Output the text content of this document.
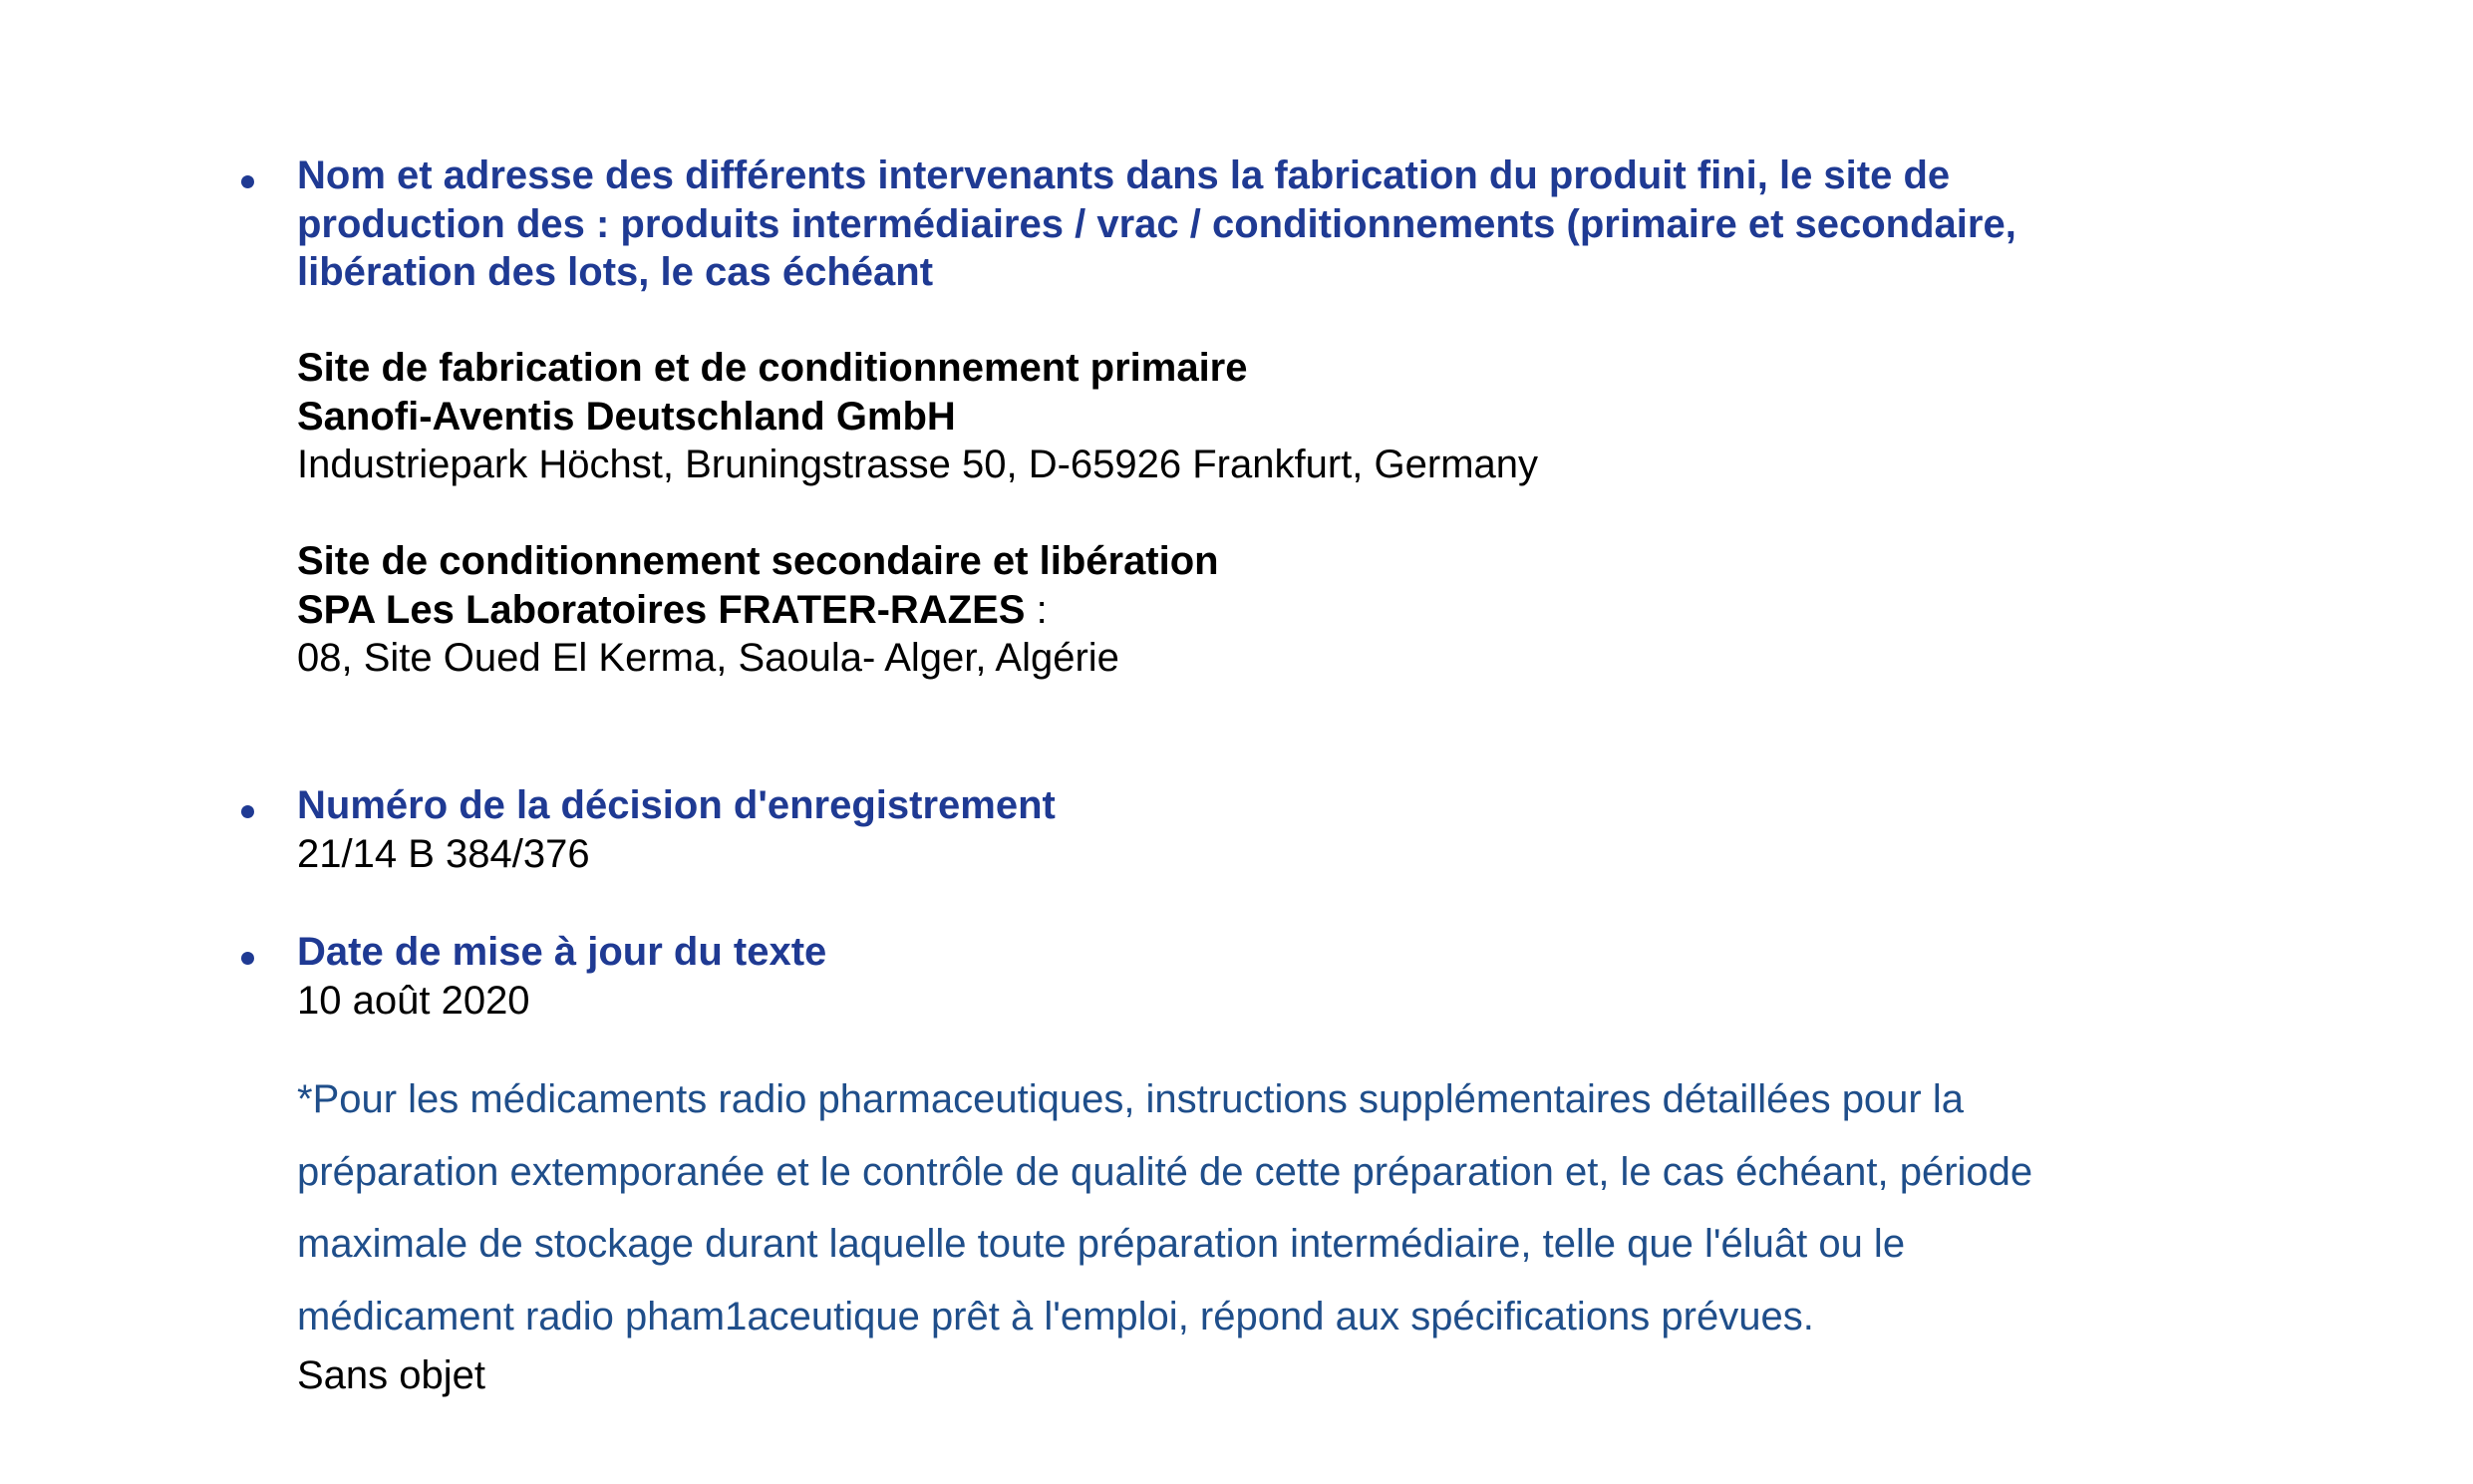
Nom et adresse des différents intervenants dans la fabrication du produit fini, le site de

production des : produits intermédiaires / vrac / conditionnements (primaire et secondaire,

libération des lots, le cas échéant

Site de fabrication et de conditionnement primaire

Sanofi-Aventis Deutschland GmbH

Industriepark Höchst, Bruningstrasse 50, D-65926 Frankfurt, Germany

Site de conditionnement secondaire et libération

SPA Les Laboratoires FRATER-RAZES :

08, Site Oued El Kerma, Saoula- Alger, Algérie

Numéro de la décision d'enregistrement

21/14 B 384/376

Date de mise à jour du texte

10 août 2020

*Pour les médicaments radio pharmaceutiques, instructions supplémentaires détaillées pour la

préparation extemporanée et le contrôle de qualité de cette préparation et, le cas échéant, période

maximale de stockage durant laquelle toute préparation intermédiaire, telle que l'éluât ou le

médicament radio pham1aceutique prêt à l'emploi, répond aux spécifications prévues.

Sans objet
